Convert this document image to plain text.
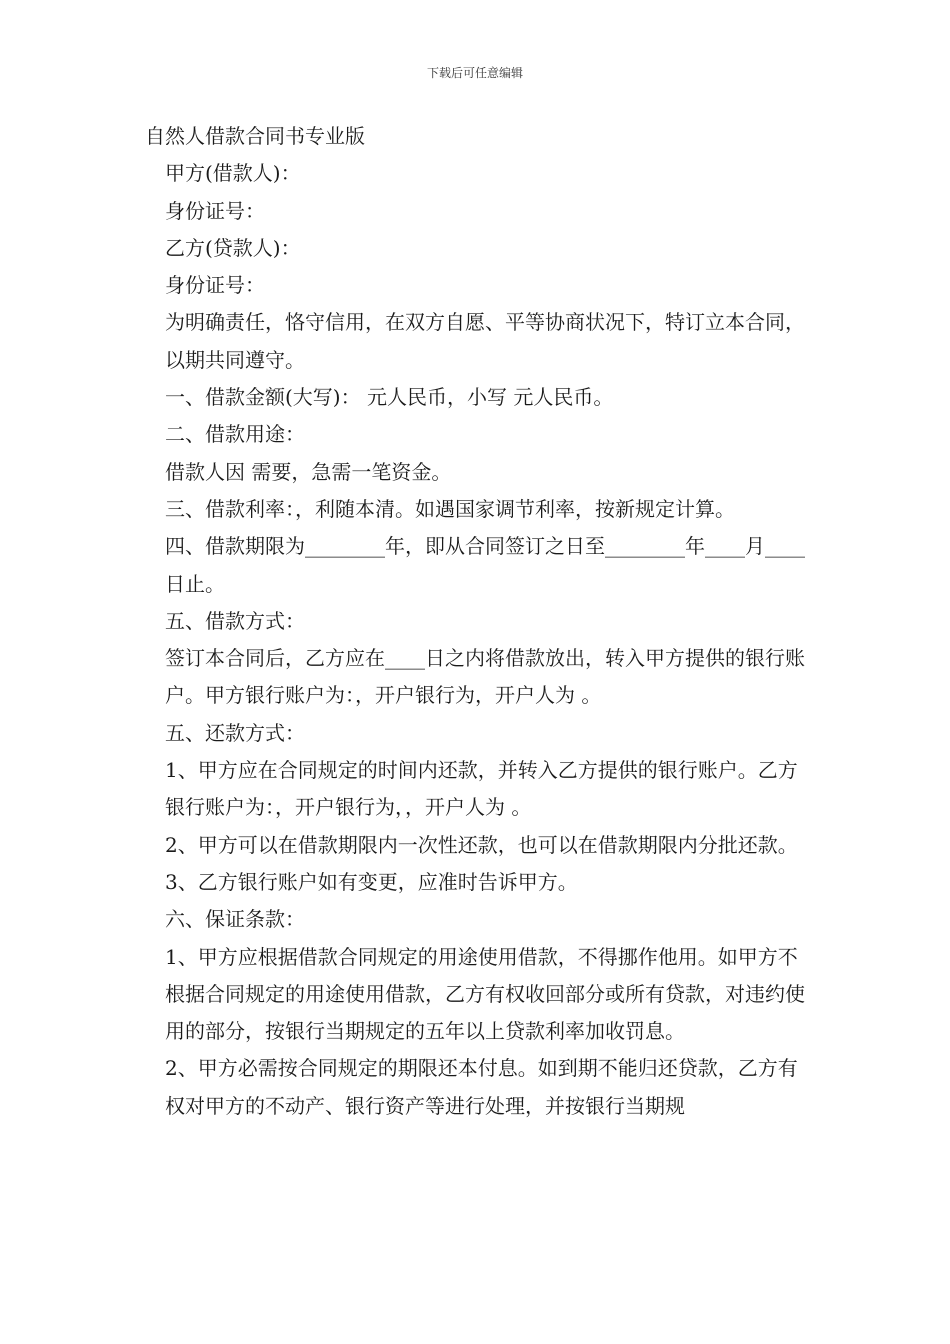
下载后可任意编辑

自然人借款合同书专业版

甲方(借款人)：

身份证号：

乙方(贷款人)：

身份证号：

为明确责任，恪守信用，在双方自愿、平等协商状况下，特订立本合同，以期共同遵守。

一、借款金额(大写)： 元人民币，小写 元人民币。

二、借款用途：

借款人因 需要，急需一笔资金。

三、借款利率：，利随本清。如遇国家调节利率，按新规定计算。

四、借款期限为________年，即从合同签订之日至________年____月____日止。

五、借款方式：

签订本合同后，乙方应在____日之内将借款放出，转入甲方提供的银行账户。甲方银行账户为：，开户银行为，开户人为 。

五、还款方式：

1、甲方应在合同规定的时间内还款，并转入乙方提供的银行账户。乙方银行账户为：，开户银行为，，开户人为 。

2、甲方可以在借款期限内一次性还款，也可以在借款期限内分批还款。

3、乙方银行账户如有变更，应准时告诉甲方。

六、保证条款：

1、甲方应根据借款合同规定的用途使用借款，不得挪作他用。如甲方不根据合同规定的用途使用借款，乙方有权收回部分或所有贷款，对违约使用的部分，按银行当期规定的五年以上贷款利率加收罚息。

2、甲方必需按合同规定的期限还本付息。如到期不能归还贷款，乙方有权对甲方的不动产、银行资产等进行处理，并按银行当期规
